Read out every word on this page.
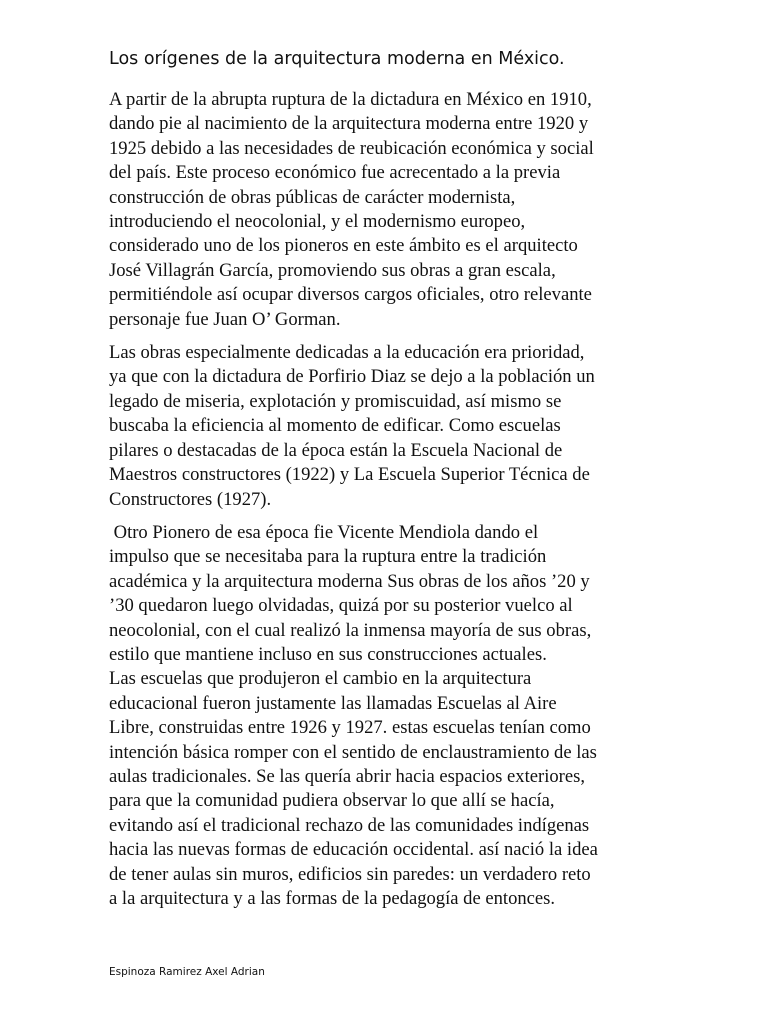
Los orígenes de la arquitectura moderna en México.
A partir de la abrupta ruptura de la dictadura en México en 1910,
dando pie al nacimiento de la arquitectura moderna entre 1920 y
1925 debido a las necesidades de reubicación económica y social
del país. Este proceso económico fue acrecentado a la previa
construcción de obras públicas de carácter modernista,
introduciendo el neocolonial, y el modernismo europeo,
considerado uno de los pioneros en este ámbito es el arquitecto
José Villagrán García, promoviendo sus obras a gran escala,
permitiéndole así ocupar diversos cargos oficiales, otro relevante
personaje fue Juan O’ Gorman.
Las obras especialmente dedicadas a la educación era prioridad,
ya que con la dictadura de Porfirio Diaz se dejo a la población un
legado de miseria, explotación y promiscuidad, así mismo se
buscaba la eficiencia al momento de edificar. Como escuelas
pilares o destacadas de la época están la Escuela Nacional de
Maestros constructores (1922) y La Escuela Superior Técnica de
Constructores (1927).
Otro Pionero de esa época fie Vicente Mendiola dando el
impulso que se necesitaba para la ruptura entre la tradición
académica y la arquitectura moderna Sus obras de los años ’20 y
’30 quedaron luego olvidadas, quizá por su posterior vuelco al
neocolonial, con el cual realizó la inmensa mayoría de sus obras,
estilo que mantiene incluso en sus construcciones actuales.
Las escuelas que produjeron el cambio en la arquitectura
educacional fueron justamente las llamadas Escuelas al Aire
Libre, construidas entre 1926 y 1927. estas escuelas tenían como
intención básica romper con el sentido de enclaustramiento de las
aulas tradicionales. Se las quería abrir hacia espacios exteriores,
para que la comunidad pudiera observar lo que allí se hacía,
evitando así el tradicional rechazo de las comunidades indígenas
hacia las nuevas formas de educación occidental. así nació la idea
de tener aulas sin muros, edificios sin paredes: un verdadero reto
a la arquitectura y a las formas de la pedagogía de entonces.

Espinoza Ramirez Axel Adrian
